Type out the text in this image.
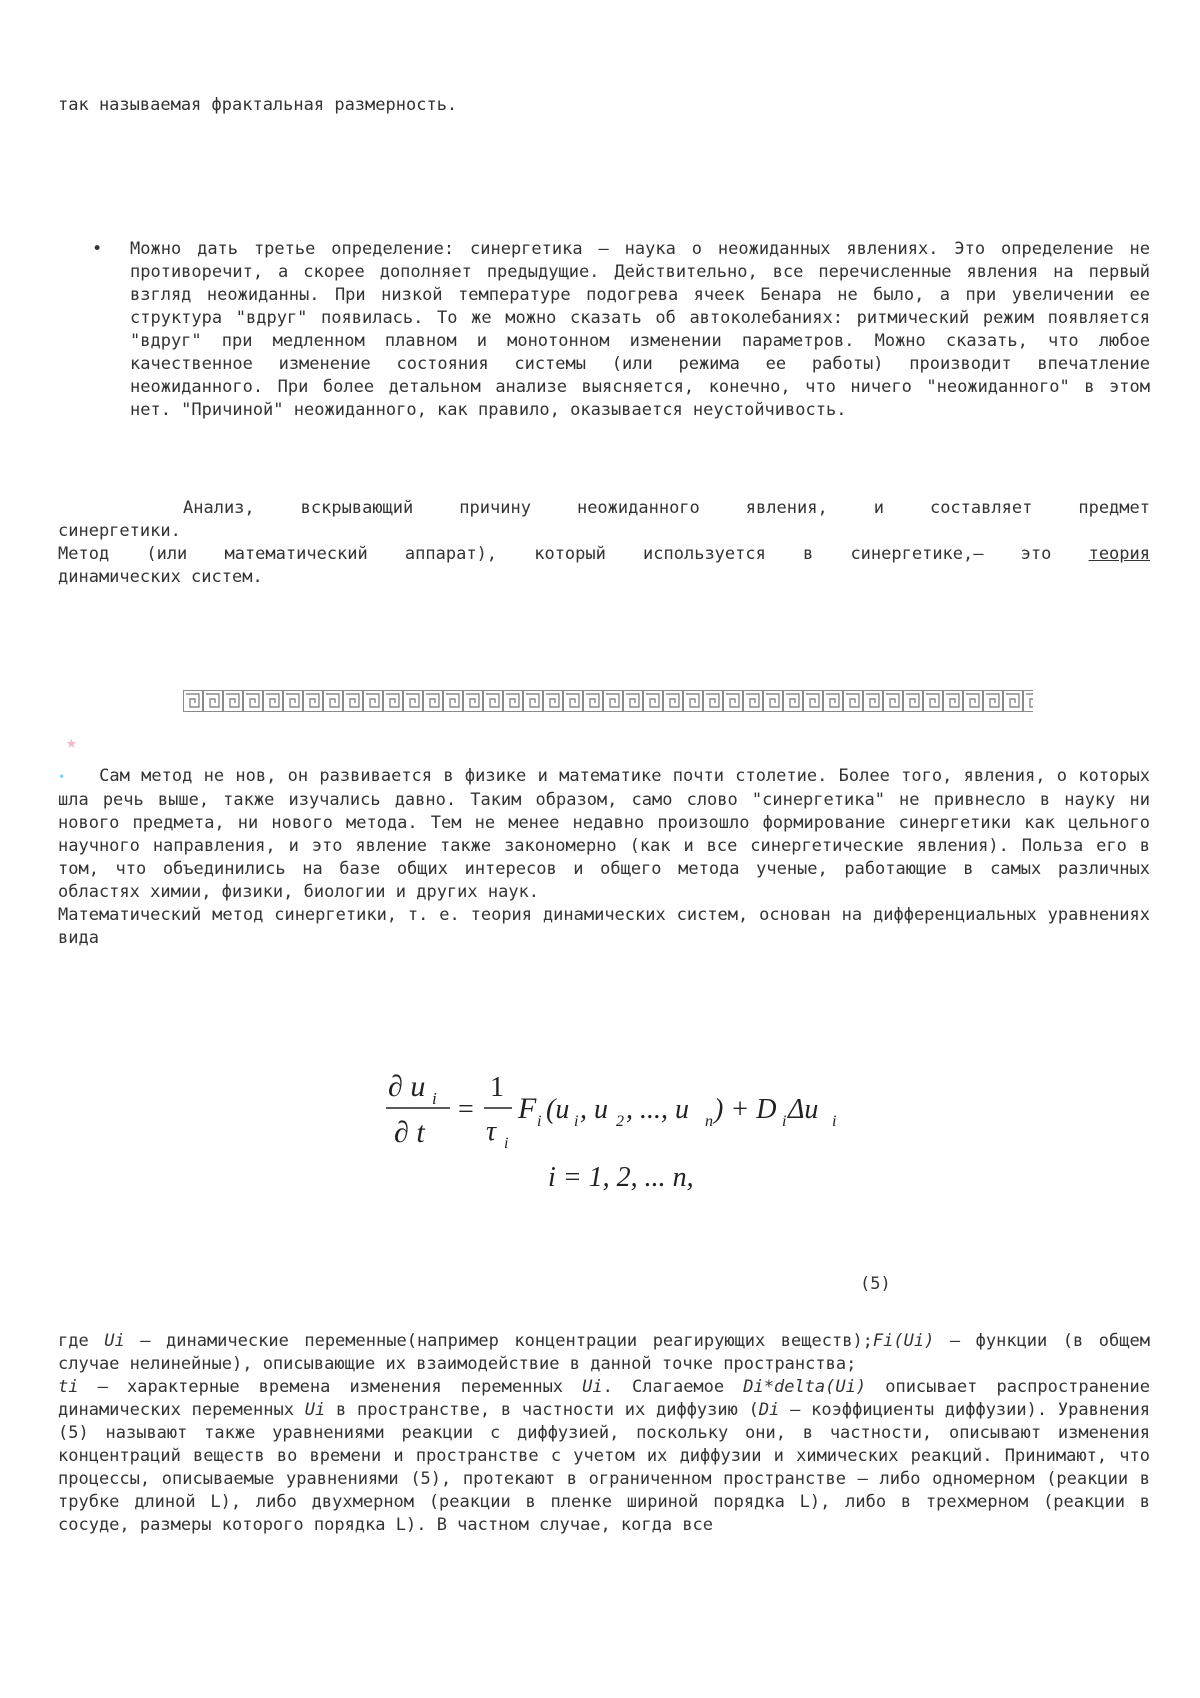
так называемая фрактальная размерность.

• Можно дать третье определение: синергетика — наука о неожиданных явлениях. Это определение не противоречит, а скорее дополняет предыдущие. Действительно, все перечисленные явления на первый взгляд неожиданны. При низкой температуре подогрева ячеек Бенара не было, а при увеличении ее структура "вдруг" появилась. То же можно сказать об автоколебаниях: ритмический режим появляется "вдруг" при медленном плавном и монотонном изменении параметров. Можно сказать, что любое качественное изменение состояния системы (или режима ее работы) производит впечатление неожиданного. При более детальном анализе выясняется, конечно, что ничего "неожиданного" в этом нет. "Причиной" неожиданного, как правило, оказывается неустойчивость.

Анализ, вскрывающий причину неожиданного явления, и составляет предмет

синергетики.

Метод (или математический аппарат), который используется в синергетике,— это теория

динамических систем.

★

• Сам метод не нов, он развивается в физике и математике почти столетие. Более того, явления, о которых шла речь выше, также изучались давно. Таким образом, само слово "синергетика" не привнесло в науку ни нового предмета, ни нового метода. Тем не менее недавно произошло формирование синергетики как цельного научного направления, и это явление также закономерно (как и все синергетические явления). Польза его в том, что объединились на базе общих интересов и общего метода ученые, работающие в самых различных областях химии, физики, биологии и других наук.

Математический метод синергетики, т. е. теория динамических систем, основан на дифференциальных уравнениях вида

∂ u i
∂ t
=
1
τ i
F i (u i , u 2 , ..., u n ) + D i Δu i
i = 1, 2, ... n,

(5)

где Ui — динамические переменные(например концентрации реагирующих веществ);Fi(Ui) — функции (в общем случае нелинейные), описывающие их взаимодействие в данной точке пространства;
ti — характерные времена изменения переменных Ui. Слагаемое Di*delta(Ui) описывает распространение динамических переменных Ui в пространстве, в частности их диффузию (Di — коэффициенты диффузии). Уравнения (5) называют также уравнениями реакции с диффузией, поскольку они, в частности, описывают изменения концентраций веществ во времени и пространстве с учетом их диффузии и химических реакций. Принимают, что процессы, описываемые уравнениями (5), протекают в ограниченном пространстве — либо одномерном (реакции в трубке длиной L), либо двухмерном (реакции в пленке шириной порядка L), либо в трехмерном (реакции в сосуде, размеры которого порядка L). В частном случае, когда все
